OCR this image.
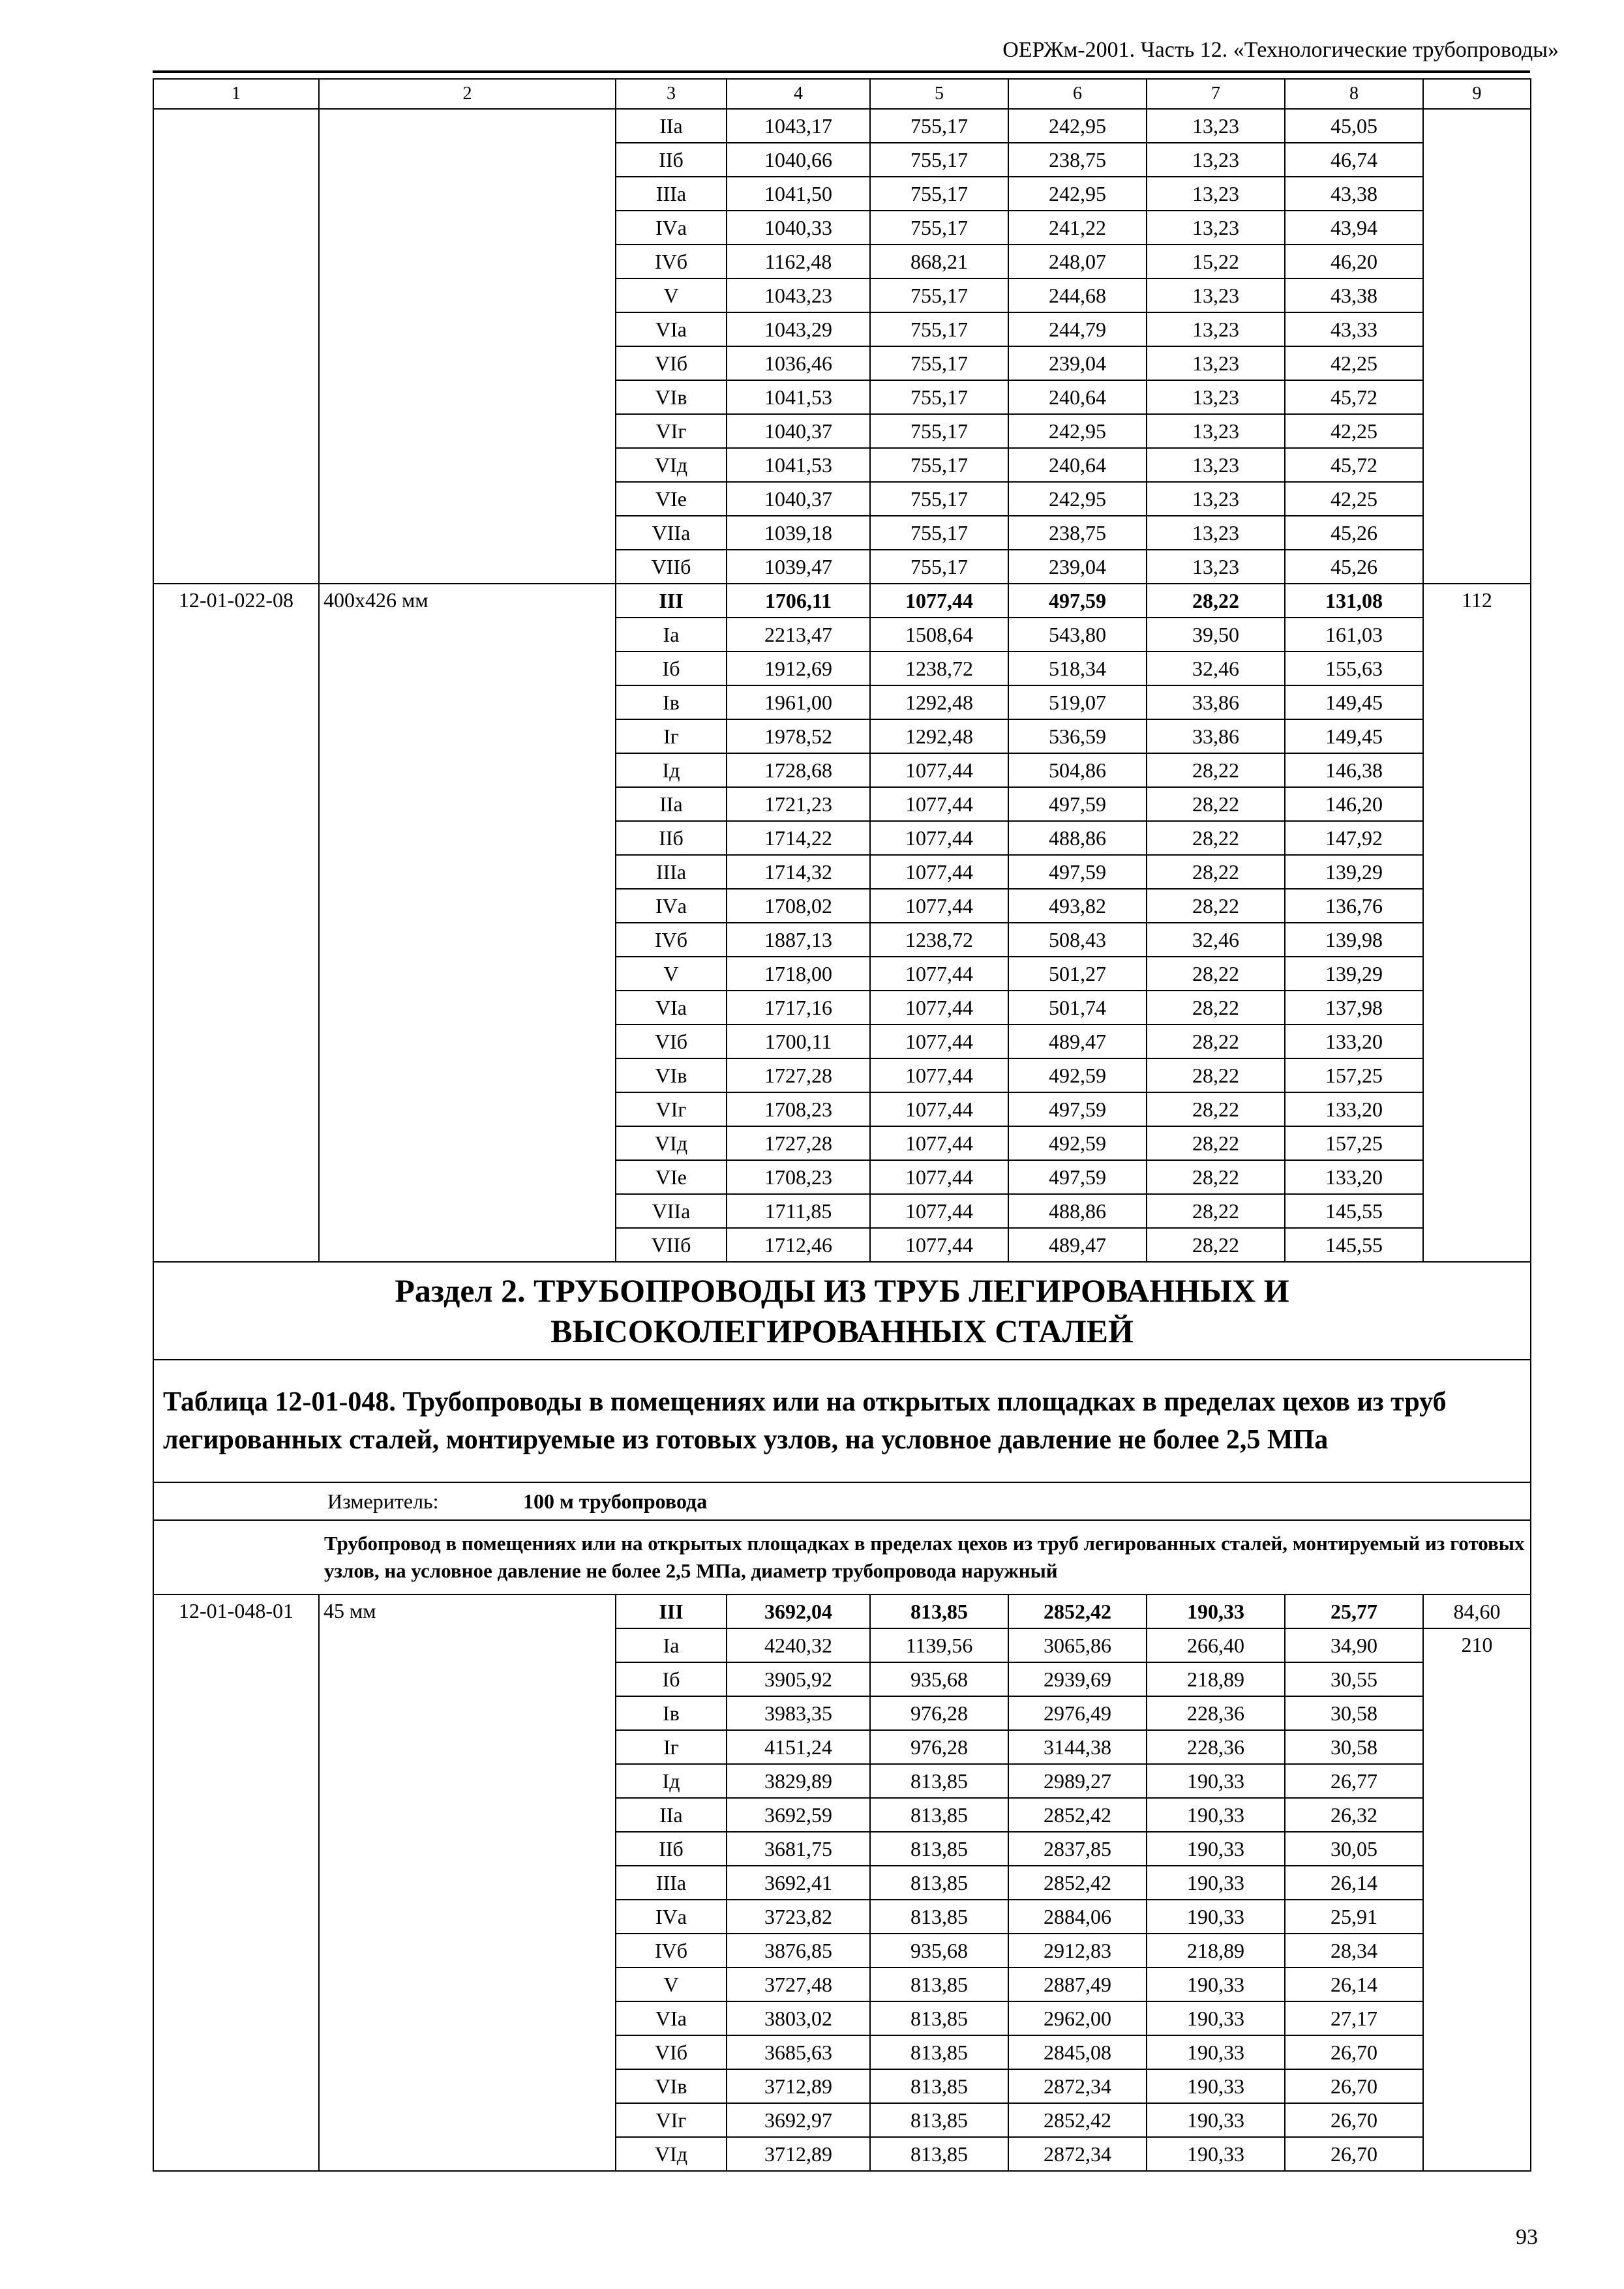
ОЕРЖм-2001. Часть 12. «Технологические трубопроводы»
1	2	3	4	5	6	7	8	9
		IIа	1043,17	755,17	242,95	13,23	45,05	
		IIб	1040,66	755,17	238,75	13,23	46,74	
		IIIа	1041,50	755,17	242,95	13,23	43,38	
		IVа	1040,33	755,17	241,22	13,23	43,94	
		IVб	1162,48	868,21	248,07	15,22	46,20	
		V	1043,23	755,17	244,68	13,23	43,38	
		VIа	1043,29	755,17	244,79	13,23	43,33	
		VIб	1036,46	755,17	239,04	13,23	42,25	
		VIв	1041,53	755,17	240,64	13,23	45,72	
		VIг	1040,37	755,17	242,95	13,23	42,25	
		VIд	1041,53	755,17	240,64	13,23	45,72	
		VIе	1040,37	755,17	242,95	13,23	42,25	
		VIIа	1039,18	755,17	238,75	13,23	45,26	
		VIIб	1039,47	755,17	239,04	13,23	45,26	
12-01-022-08	400х426 мм	III	1706,11	1077,44	497,59	28,22	131,08	112
		Iа	2213,47	1508,64	543,80	39,50	161,03	
		Iб	1912,69	1238,72	518,34	32,46	155,63	
		Iв	1961,00	1292,48	519,07	33,86	149,45	
		Iг	1978,52	1292,48	536,59	33,86	149,45	
		Iд	1728,68	1077,44	504,86	28,22	146,38	
		IIа	1721,23	1077,44	497,59	28,22	146,20	
		IIб	1714,22	1077,44	488,86	28,22	147,92	
		IIIа	1714,32	1077,44	497,59	28,22	139,29	
		IVа	1708,02	1077,44	493,82	28,22	136,76	
		IVб	1887,13	1238,72	508,43	32,46	139,98	
		V	1718,00	1077,44	501,27	28,22	139,29	
		VIа	1717,16	1077,44	501,74	28,22	137,98	
		VIб	1700,11	1077,44	489,47	28,22	133,20	
		VIв	1727,28	1077,44	492,59	28,22	157,25	
		VIг	1708,23	1077,44	497,59	28,22	133,20	
		VIд	1727,28	1077,44	492,59	28,22	157,25	
		VIе	1708,23	1077,44	497,59	28,22	133,20	
		VIIа	1711,85	1077,44	488,86	28,22	145,55	
		VIIб	1712,46	1077,44	489,47	28,22	145,55	

Раздел 2. ТРУБОПРОВОДЫ ИЗ ТРУБ ЛЕГИРОВАННЫХ И
ВЫСОКОЛЕГИРОВАННЫХ СТАЛЕЙ								

Таблица 12-01-048. Трубопроводы в помещениях или на открытых площадках в пределах цехов из труб легированных сталей, монтируемые из готовых узлов, на условное давление не более 2,5 МПа								
Измеритель: 100 м трубопровода								
	Трубопровод в помещениях или на открытых площадках в пределах цехов из труб легированных сталей, монтируемый из готовых узлов, на условное давление не более 2,5 МПа, диаметр трубопровода наружный							
12-01-048-01	45 мм	III	3692,04	813,85	2852,42	190,33	25,77	84,60
		Iа	4240,32	1139,56	3065,86	266,40	34,90	210
		Iб	3905,92	935,68	2939,69	218,89	30,55	
		Iв	3983,35	976,28	2976,49	228,36	30,58	
		Iг	4151,24	976,28	3144,38	228,36	30,58	
		Iд	3829,89	813,85	2989,27	190,33	26,77	
		IIа	3692,59	813,85	2852,42	190,33	26,32	
		IIб	3681,75	813,85	2837,85	190,33	30,05	
		IIIа	3692,41	813,85	2852,42	190,33	26,14	
		IVа	3723,82	813,85	2884,06	190,33	25,91	
		IVб	3876,85	935,68	2912,83	218,89	28,34	
		V	3727,48	813,85	2887,49	190,33	26,14	
		VIа	3803,02	813,85	2962,00	190,33	27,17	
		VIб	3685,63	813,85	2845,08	190,33	26,70	
		VIв	3712,89	813,85	2872,34	190,33	26,70	
		VIг	3692,97	813,85	2852,42	190,33	26,70	
		VIд	3712,89	813,85	2872,34	190,33	26,70	
93
